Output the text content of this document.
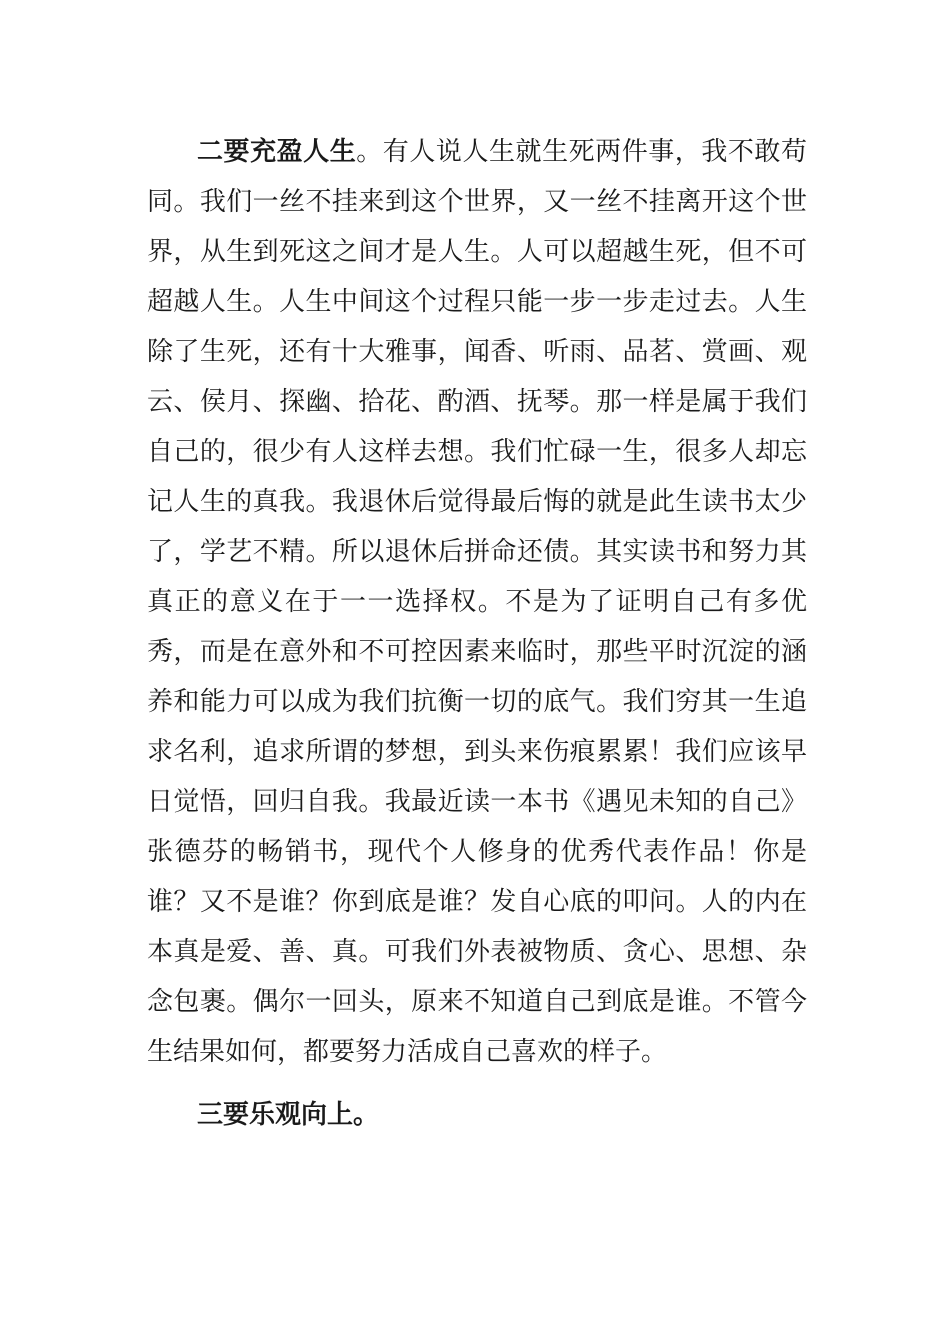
二要充盈人生。有人说人生就生死两件事，我不敢苟
同。我们一丝不挂来到这个世界，又一丝不挂离开这个世
界，从生到死这之间才是人生。人可以超越生死，但不可
超越人生。人生中间这个过程只能一步一步走过去。人生
除了生死，还有十大雅事，闻香、听雨、品茗、赏画、观
云、侯月、探幽、拾花、酌酒、抚琴。那一样是属于我们
自己的，很少有人这样去想。我们忙碌一生，很多人却忘
记人生的真我。我退休后觉得最后悔的就是此生读书太少
了，学艺不精。所以退休后拼命还债。其实读书和努力其
真正的意义在于一一选择权。不是为了证明自己有多优
秀，而是在意外和不可控因素来临时，那些平时沉淀的涵
养和能力可以成为我们抗衡一切的底气。我们穷其一生追
求名利，追求所谓的梦想，到头来伤痕累累！我们应该早
日觉悟，回归自我。我最近读一本书《遇见未知的自己》
张德芬的畅销书，现代个人修身的优秀代表作品！你是
谁？又不是谁？你到底是谁？发自心底的叩问。人的内在
本真是爱、善、真。可我们外表被物质、贪心、思想、杂
念包裹。偶尔一回头，原来不知道自己到底是谁。不管今
生结果如何，都要努力活成自己喜欢的样子。
三要乐观向上。
